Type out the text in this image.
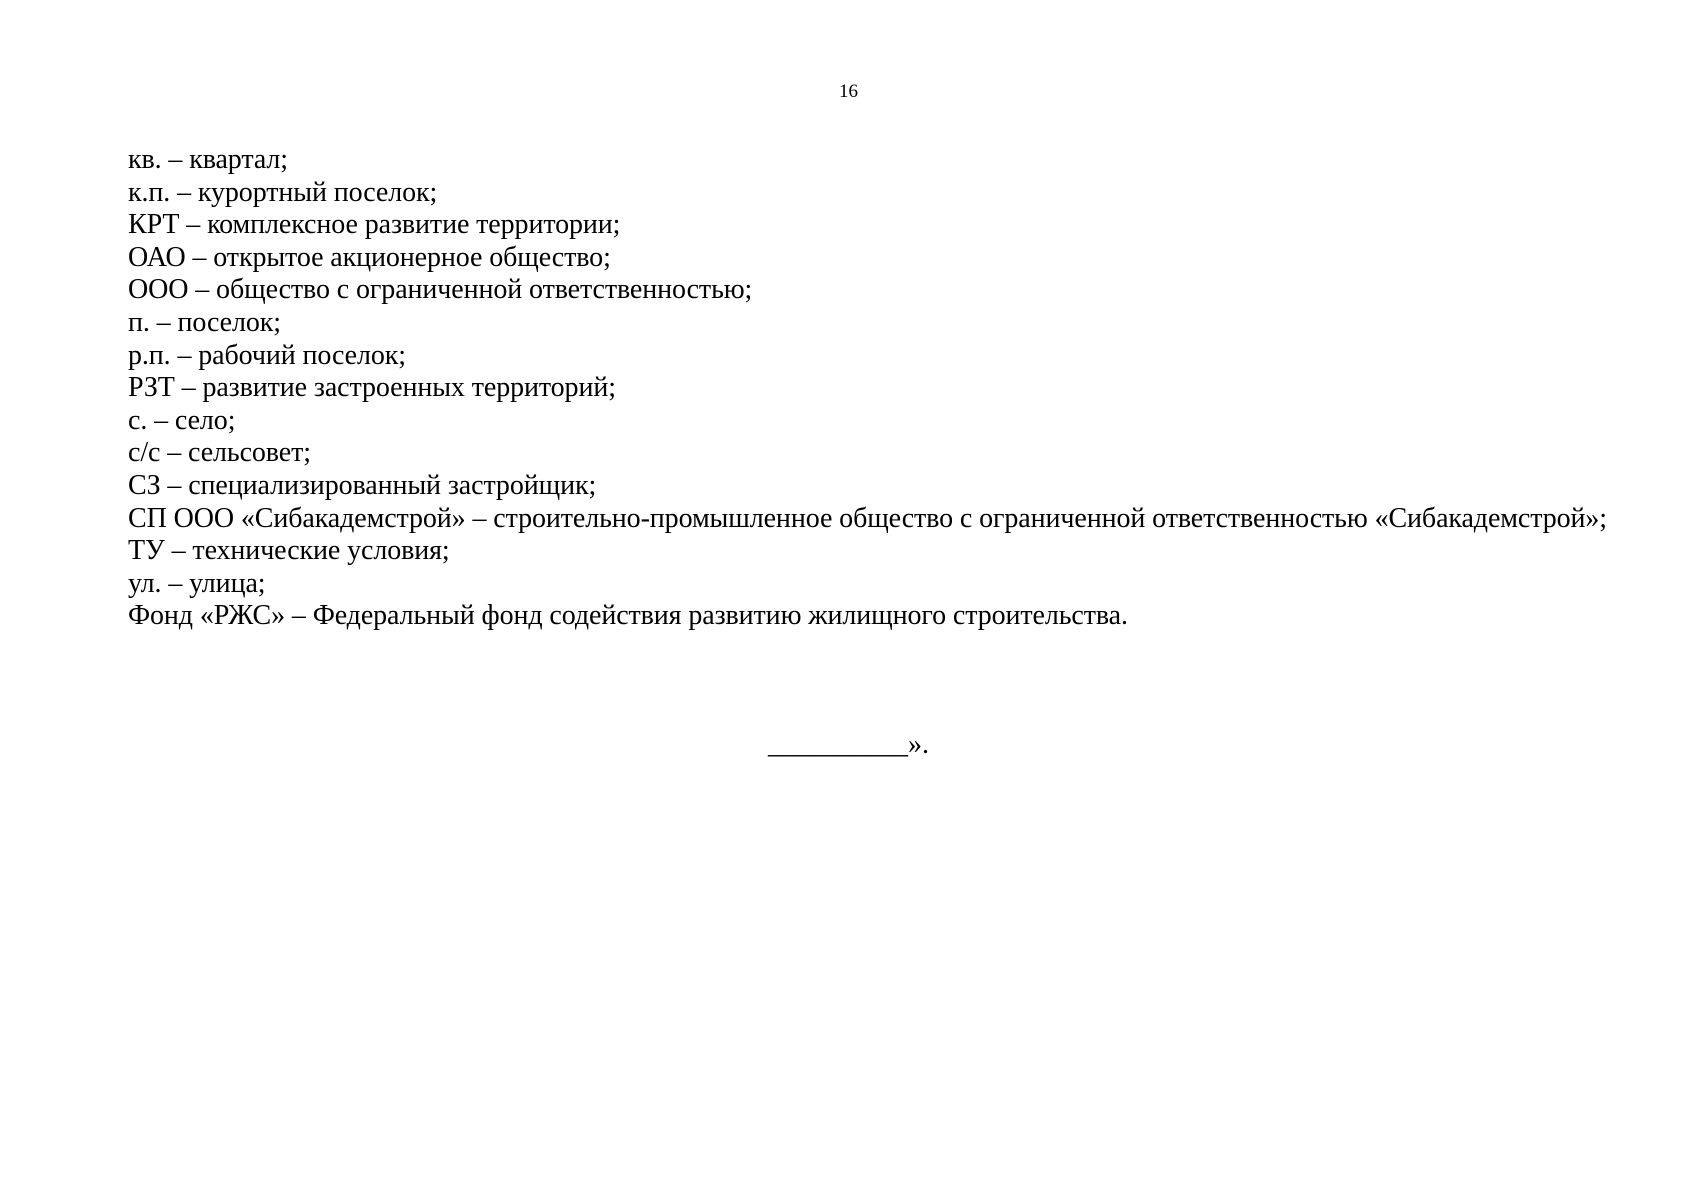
16
кв. – квартал;
к.п. – курортный поселок;
КРТ – комплексное развитие территории;
ОАО – открытое акционерное общество;
ООО – общество с ограниченной ответственностью;
п. – поселок;
р.п. – рабочий поселок;
РЗТ – развитие застроенных территорий;
с. – село;
с/с – сельсовет;
СЗ – специализированный застройщик;
СП ООО «Сибакадемстрой» – строительно-промышленное общество с ограниченной ответственностью «Сибакадемстрой»;
ТУ – технические условия;
ул. – улица;
Фонд «РЖС» – Федеральный фонд содействия развитию жилищного строительства.
__________».
